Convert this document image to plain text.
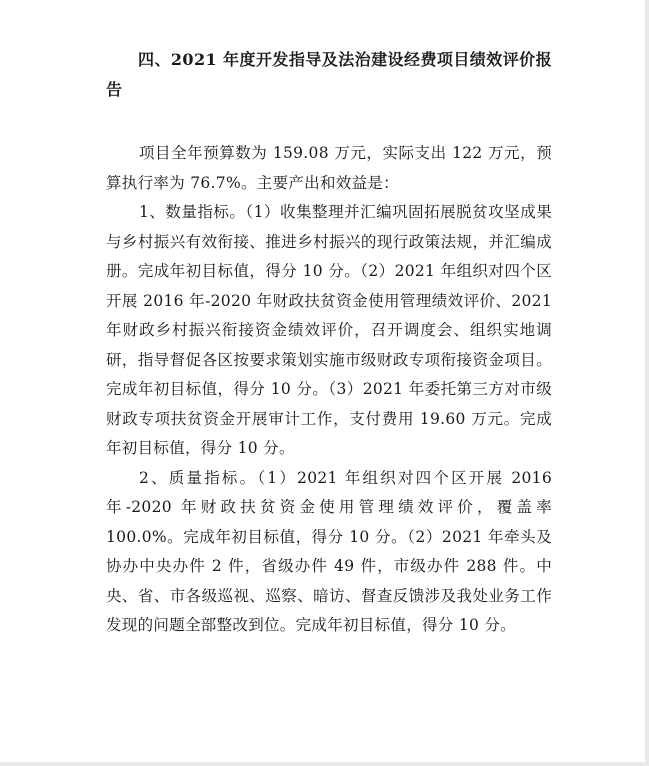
四、2021 年度开发指导及法治建设经费项目绩效评价报告

项目全年预算数为 159.08 万元，实际支出 122 万元，预算执行率为 76.7%。主要产出和效益是：

1、数量指标。（1）收集整理并汇编巩固拓展脱贫攻坚成果与乡村振兴有效衔接、推进乡村振兴的现行政策法规，并汇编成册。完成年初目标值，得分 10 分。（2）2021 年组织对四个区开展 2016 年-2020 年财政扶贫资金使用管理绩效评价、2021 年财政乡村振兴衔接资金绩效评价，召开调度会、组织实地调研，指导督促各区按要求策划实施市级财政专项衔接资金项目。完成年初目标值，得分 10 分。（3）2021 年委托第三方对市级财政专项扶贫资金开展审计工作，支付费用 19.60 万元。完成年初目标值，得分 10 分。

2、质量指标。（1）2021 年组织对四个区开展 2016 年-2020 年财政扶贫资金使用管理绩效评价，覆盖率 100.0%。完成年初目标值，得分 10 分。（2）2021 年牵头及协办中央办件 2 件，省级办件 49 件，市级办件 288 件。中央、省、市各级巡视、巡察、暗访、督查反馈涉及我处业务工作发现的问题全部整改到位。完成年初目标值，得分 10 分。
